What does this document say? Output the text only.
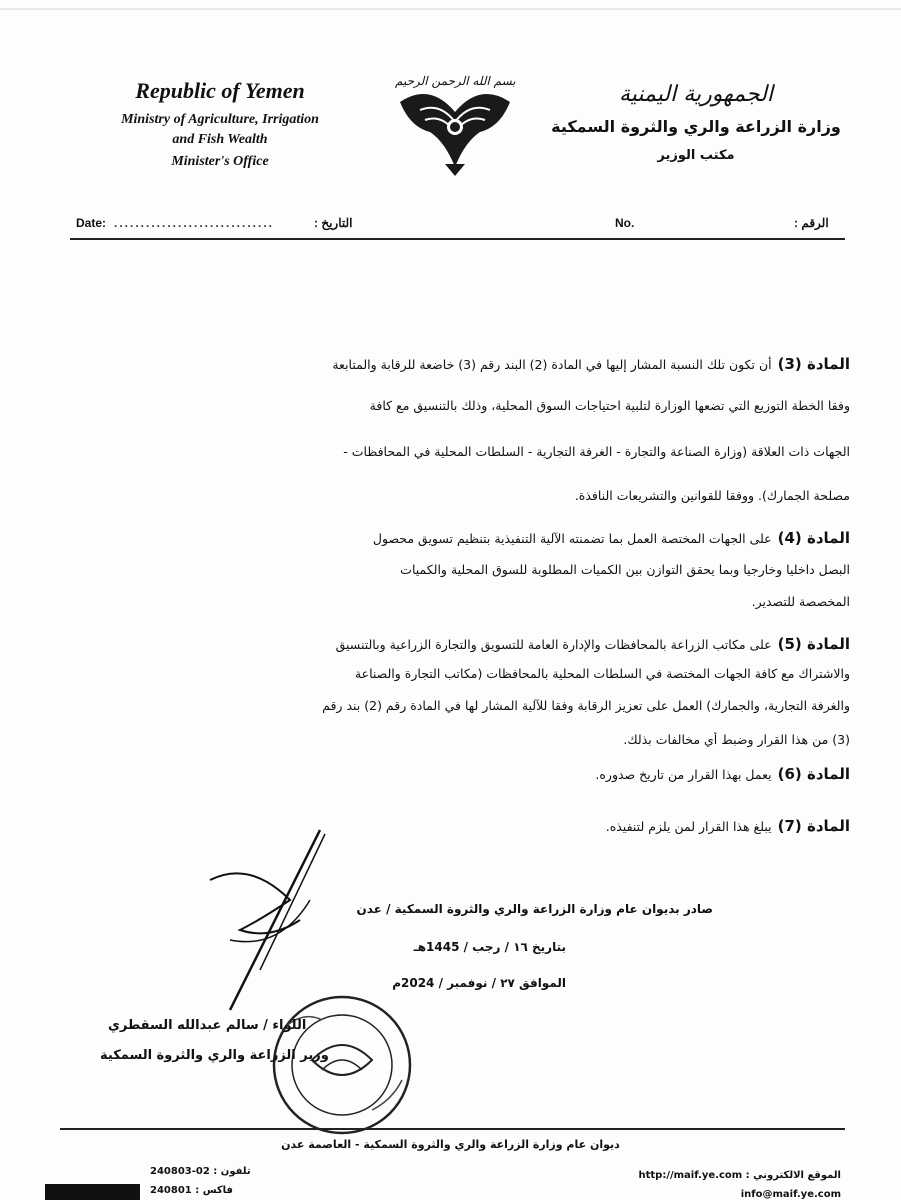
Republic of Yemen
Ministry of Agriculture, Irrigation
and Fish Wealth
Minister's Office
بسم الله الرحمن الرحيم
الجمهورية اليمنية
وزارة الزراعة والري والثروة السمكية
مكتب الوزير
Date: ..............................	التاريخ :	No.	الرقم :
المادة (3)أن تكون تلك النسبة المشار إليها في المادة (2) البند رقم (3) خاضعة للرقابة والمتابعة
وفقا الخطة التوزيع التي تضعها الوزارة لتلبية احتياجات السوق المحلية، وذلك بالتنسيق مع كافة
الجهات ذات العلاقة (وزارة الصناعة والتجارة - الغرفة التجارية - السلطات المحلية في المحافظات -
مصلحة الجمارك). ووفقا للقوانين والتشريعات النافذة.
المادة (4)على الجهات المختصة العمل بما تضمنته الآلية التنفيذية بتنظيم تسويق محصول
البصل داخليا وخارجيا وبما يحقق التوازن بين الكميات المطلوبة للسوق المحلية والكميات
المخصصة للتصدير.
المادة (5)على مكاتب الزراعة بالمحافظات والإدارة العامة للتسويق والتجارة الزراعية وبالتنسيق
والاشتراك مع كافة الجهات المختصة في السلطات المحلية بالمحافظات (مكاتب التجارة والصناعة
والغرفة التجارية، والجمارك) العمل على تعزيز الرقابة وفقا للآلية المشار لها في المادة رقم (2) بند رقم
(3) من هذا القرار وضبط أي مخالفات بذلك.
المادة (6)يعمل بهذا القرار من تاريخ صدوره.
المادة (7)يبلغ هذا القرار لمن يلزم لتنفيذه.
صادر بديوان عام وزارة الزراعة والري والثروة السمكية / عدن
بتاريخ ١٦ / رجب / 1445هـ
الموافق ٢٧ / نوفمبر / 2024م
اللواء / سالم عبدالله السقطري
وزير الزراعة والري والثروة السمكية
ديوان عام وزارة الزراعة والري والثروة السمكية - العاصمة عدن
تلفون : 02-240803
فاكس : 240801
الموقع الالكتروني : http://maif.ye.com
info@maif.ye.com
